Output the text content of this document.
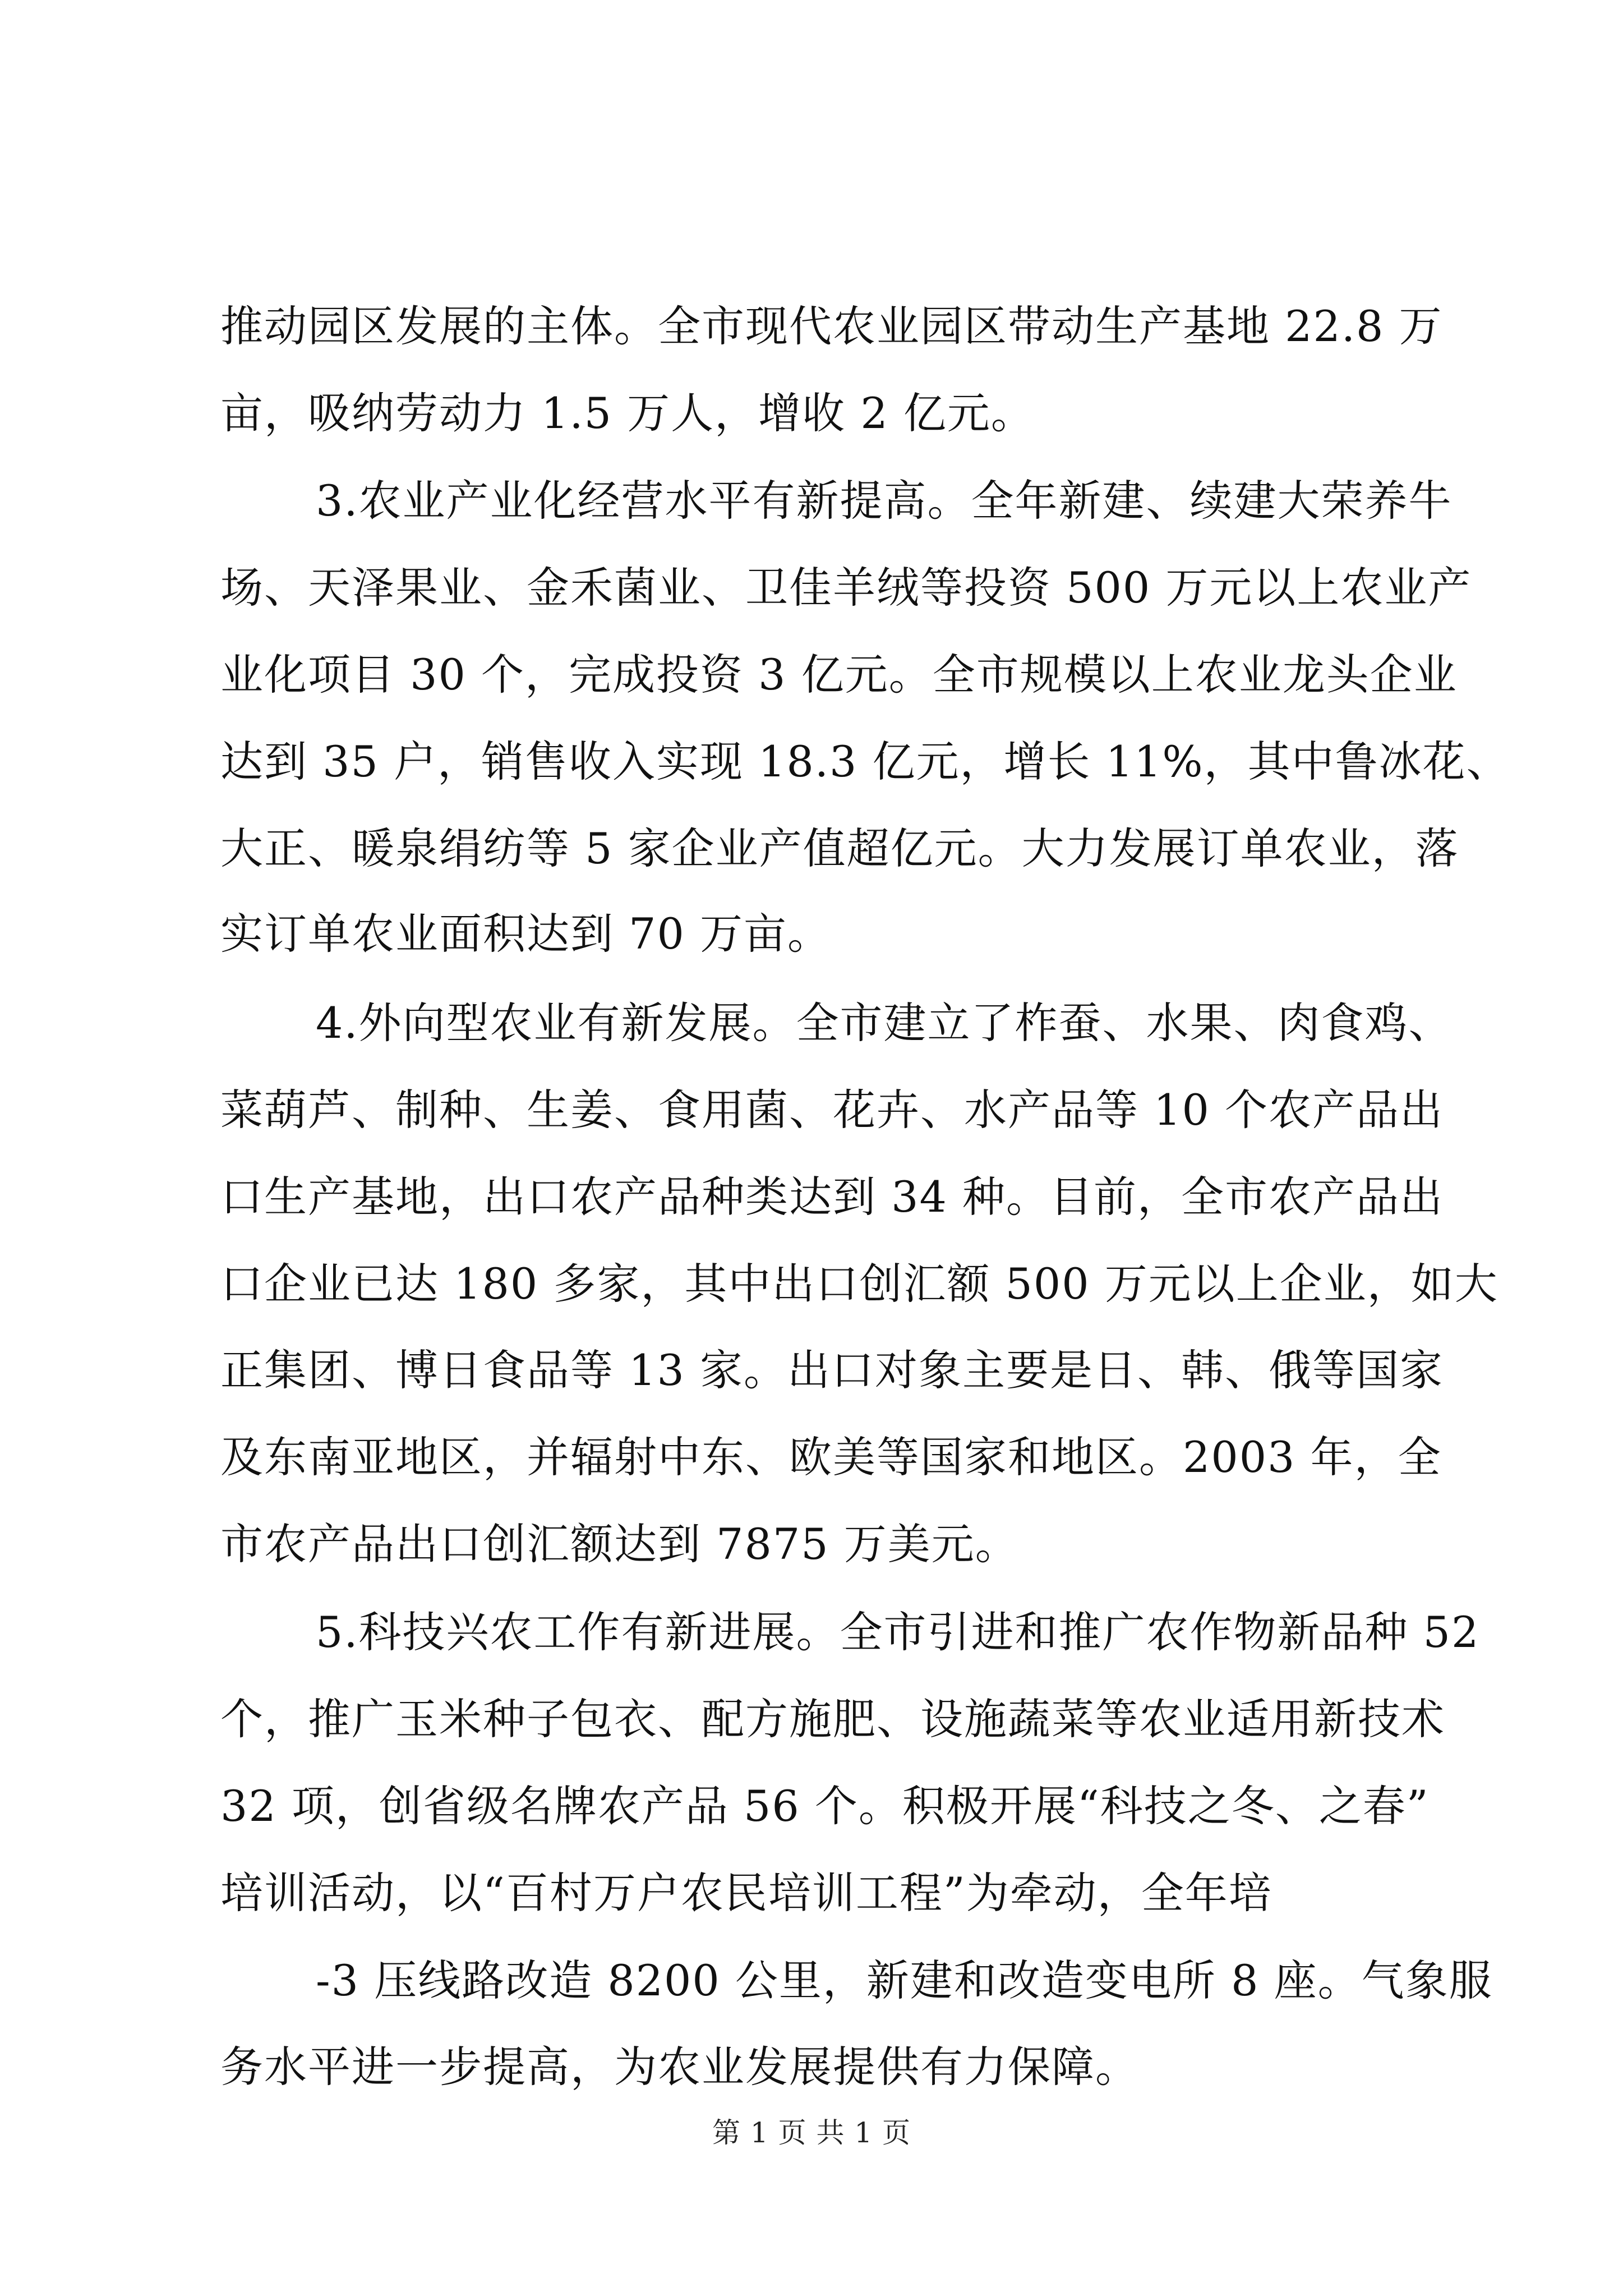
推动园区发展的主体。全市现代农业园区带动生产基地 22.8 万
亩，吸纳劳动力 1.5 万人，增收 2 亿元。
3.农业产业化经营水平有新提高。全年新建、续建大荣养牛
场、天泽果业、金禾菌业、卫佳羊绒等投资 500 万元以上农业产
业化项目 30 个，完成投资 3 亿元。全市规模以上农业龙头企业
达到 35 户，销售收入实现 18.3 亿元，增长 11%，其中鲁冰花、
大正、暖泉绢纺等 5 家企业产值超亿元。大力发展订单农业，落
实订单农业面积达到 70 万亩。
4.外向型农业有新发展。全市建立了柞蚕、水果、肉食鸡、
菜葫芦、制种、生姜、食用菌、花卉、水产品等 10 个农产品出
口生产基地，出口农产品种类达到 34 种。目前，全市农产品出
口企业已达 180 多家，其中出口创汇额 500 万元以上企业，如大
正集团、博日食品等 13 家。出口对象主要是日、韩、俄等国家
及东南亚地区，并辐射中东、欧美等国家和地区。2003 年，全
市农产品出口创汇额达到 7875 万美元。
5.科技兴农工作有新进展。全市引进和推广农作物新品种 52
个，推广玉米种子包衣、配方施肥、设施蔬菜等农业适用新技术
32 项，创省级名牌农产品 56 个。积极开展“科技之冬、之春”
培训活动，以“百村万户农民培训工程”为牵动，全年培
-3 压线路改造 8200 公里，新建和改造变电所 8 座。气象服
务水平进一步提高，为农业发展提供有力保障。
第 1 页 共 1 页
